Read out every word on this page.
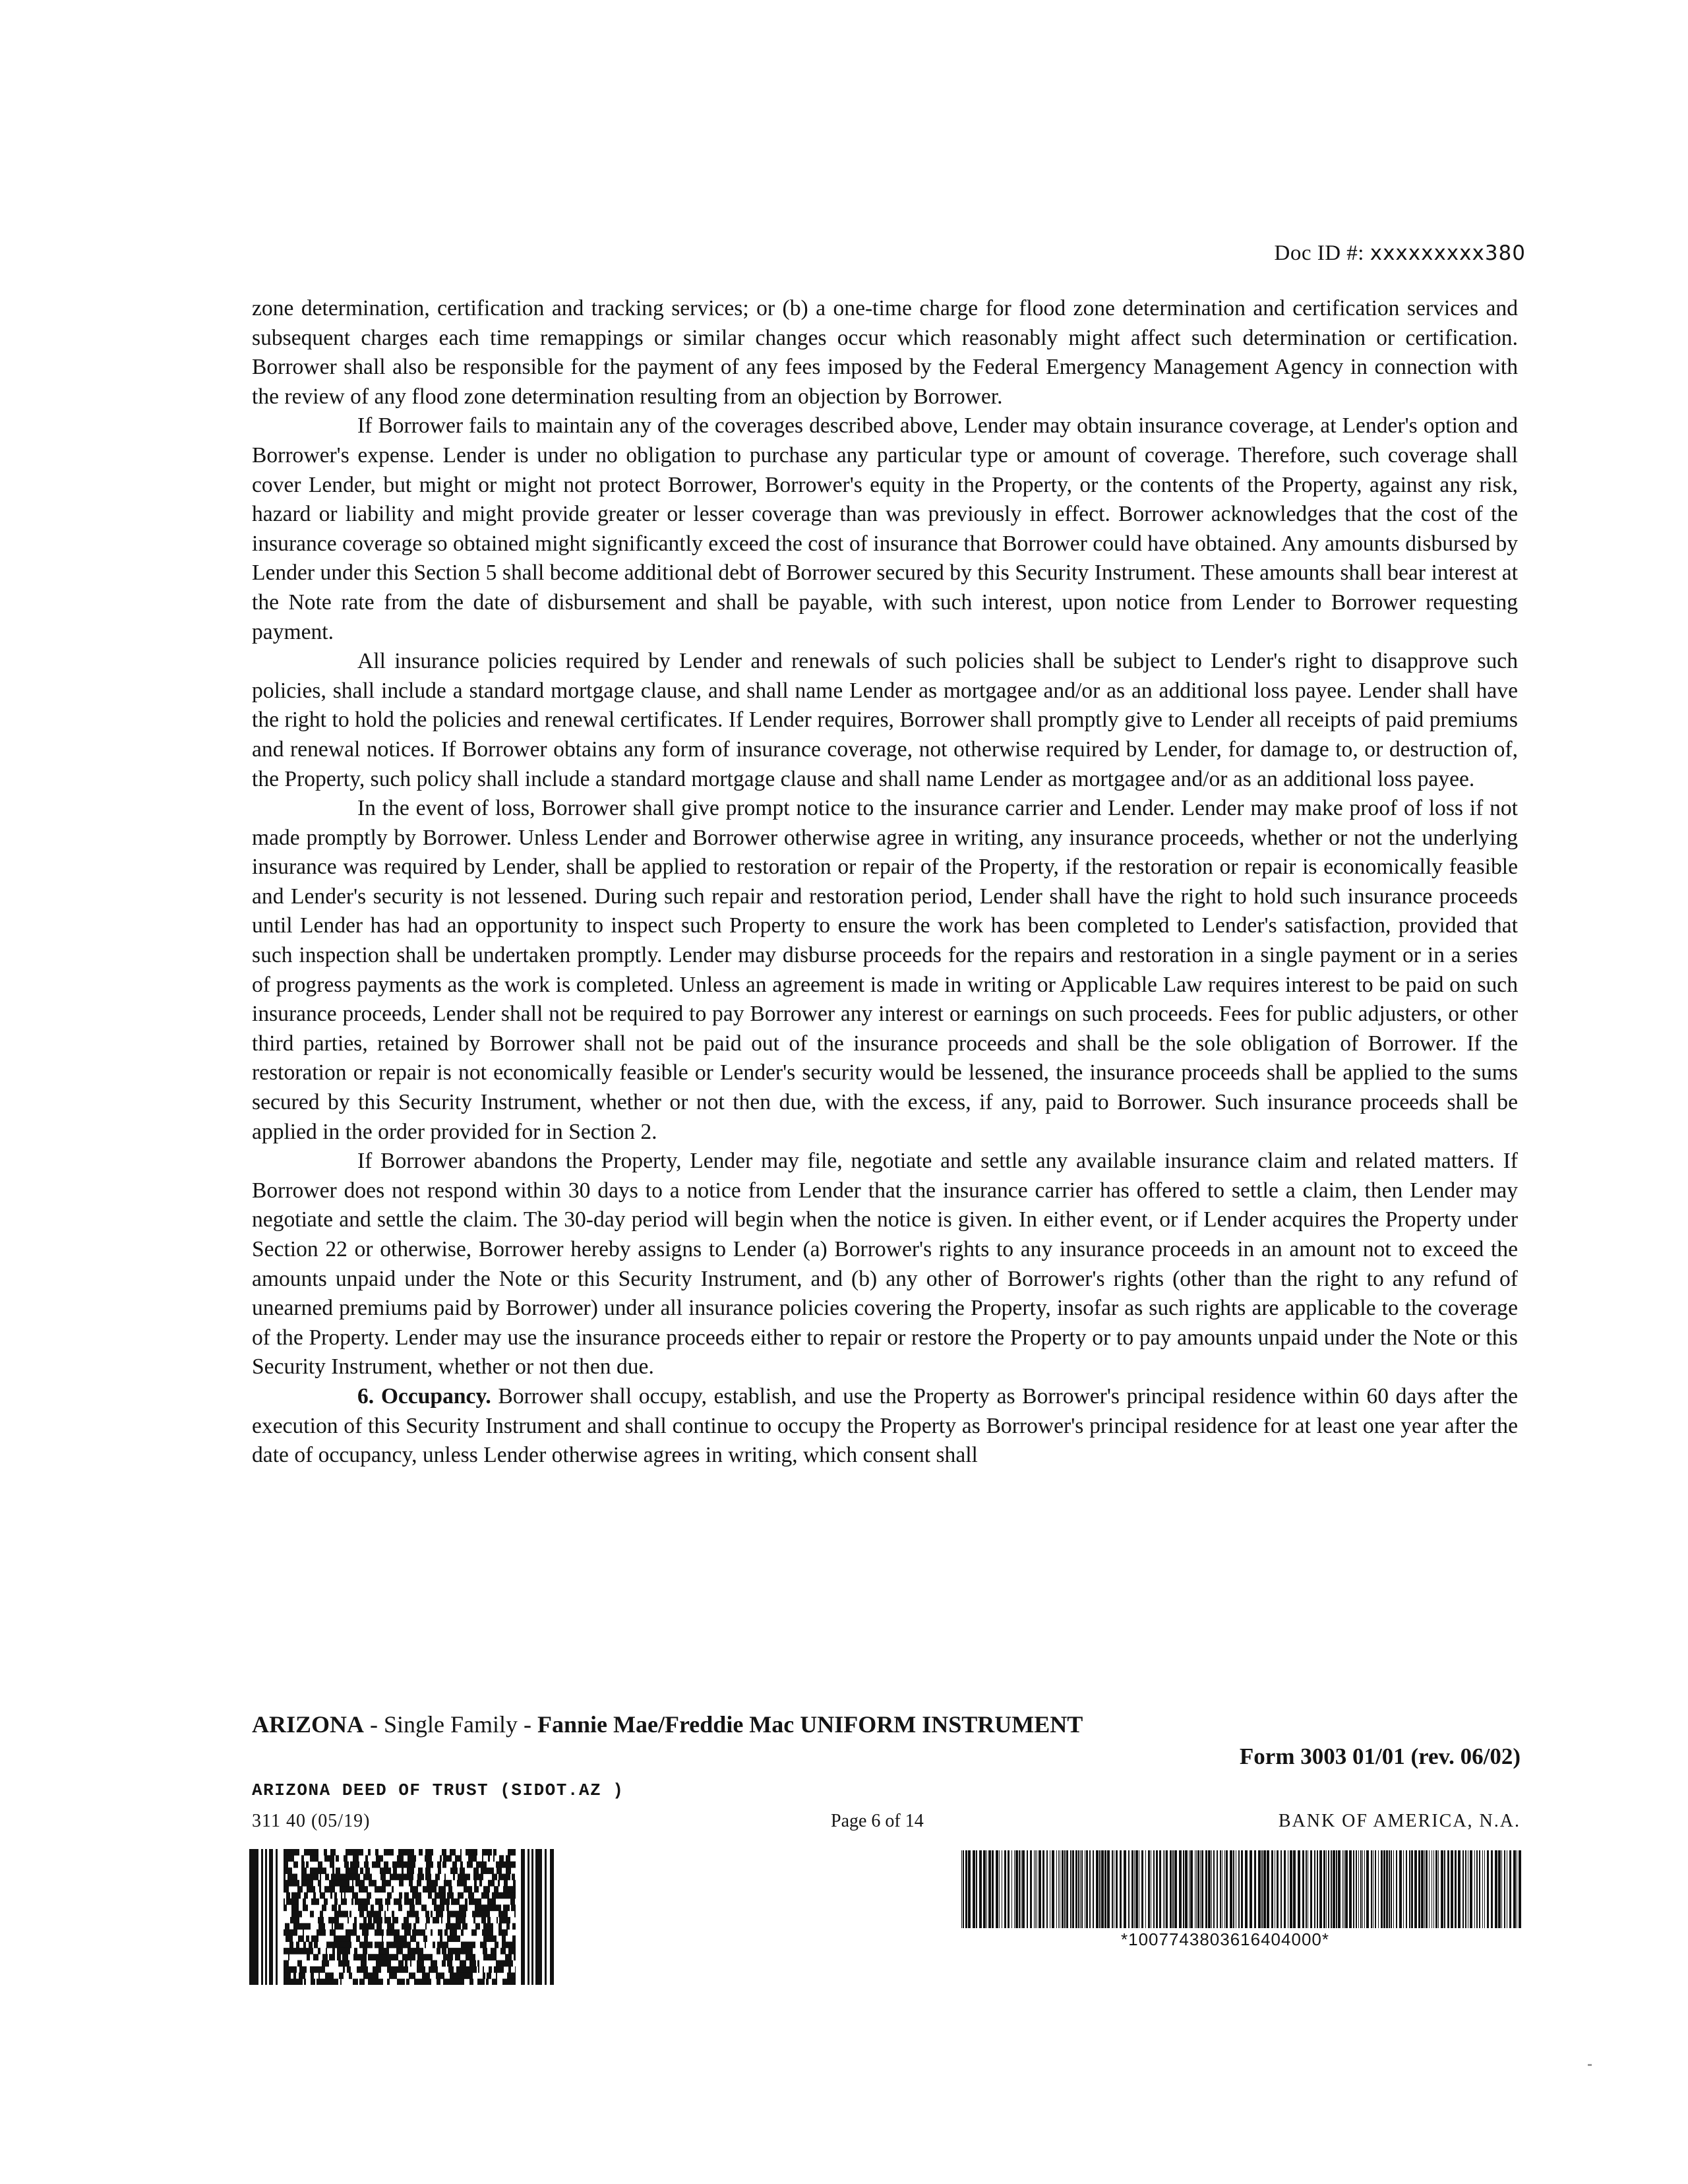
Doc ID #: xxxxxxxxx380

zone determination, certification and tracking services; or (b) a one-time charge for flood zone determination and certification services and subsequent charges each time remappings or similar changes occur which reasonably might affect such determination or certification. Borrower shall also be responsible for the payment of any fees imposed by the Federal Emergency Management Agency in connection with the review of any flood zone determination resulting from an objection by Borrower.

If Borrower fails to maintain any of the coverages described above, Lender may obtain insurance coverage, at Lender's option and Borrower's expense. Lender is under no obligation to purchase any particular type or amount of coverage. Therefore, such coverage shall cover Lender, but might or might not protect Borrower, Borrower's equity in the Property, or the contents of the Property, against any risk, hazard or liability and might provide greater or lesser coverage than was previously in effect. Borrower acknowledges that the cost of the insurance coverage so obtained might significantly exceed the cost of insurance that Borrower could have obtained. Any amounts disbursed by Lender under this Section 5 shall become additional debt of Borrower secured by this Security Instrument. These amounts shall bear interest at the Note rate from the date of disbursement and shall be payable, with such interest, upon notice from Lender to Borrower requesting payment.

All insurance policies required by Lender and renewals of such policies shall be subject to Lender's right to disapprove such policies, shall include a standard mortgage clause, and shall name Lender as mortgagee and/or as an additional loss payee. Lender shall have the right to hold the policies and renewal certificates. If Lender requires, Borrower shall promptly give to Lender all receipts of paid premiums and renewal notices. If Borrower obtains any form of insurance coverage, not otherwise required by Lender, for damage to, or destruction of, the Property, such policy shall include a standard mortgage clause and shall name Lender as mortgagee and/or as an additional loss payee.

In the event of loss, Borrower shall give prompt notice to the insurance carrier and Lender. Lender may make proof of loss if not made promptly by Borrower. Unless Lender and Borrower otherwise agree in writing, any insurance proceeds, whether or not the underlying insurance was required by Lender, shall be applied to restoration or repair of the Property, if the restoration or repair is economically feasible and Lender's security is not lessened. During such repair and restoration period, Lender shall have the right to hold such insurance proceeds until Lender has had an opportunity to inspect such Property to ensure the work has been completed to Lender's satisfaction, provided that such inspection shall be undertaken promptly. Lender may disburse proceeds for the repairs and restoration in a single payment or in a series of progress payments as the work is completed. Unless an agreement is made in writing or Applicable Law requires interest to be paid on such insurance proceeds, Lender shall not be required to pay Borrower any interest or earnings on such proceeds. Fees for public adjusters, or other third parties, retained by Borrower shall not be paid out of the insurance proceeds and shall be the sole obligation of Borrower. If the restoration or repair is not economically feasible or Lender's security would be lessened, the insurance proceeds shall be applied to the sums secured by this Security Instrument, whether or not then due, with the excess, if any, paid to Borrower. Such insurance proceeds shall be applied in the order provided for in Section 2.

If Borrower abandons the Property, Lender may file, negotiate and settle any available insurance claim and related matters. If Borrower does not respond within 30 days to a notice from Lender that the insurance carrier has offered to settle a claim, then Lender may negotiate and settle the claim. The 30-day period will begin when the notice is given. In either event, or if Lender acquires the Property under Section 22 or otherwise, Borrower hereby assigns to Lender (a) Borrower's rights to any insurance proceeds in an amount not to exceed the amounts unpaid under the Note or this Security Instrument, and (b) any other of Borrower's rights (other than the right to any refund of unearned premiums paid by Borrower) under all insurance policies covering the Property, insofar as such rights are applicable to the coverage of the Property. Lender may use the insurance proceeds either to repair or restore the Property or to pay amounts unpaid under the Note or this Security Instrument, whether or not then due.

6. Occupancy. Borrower shall occupy, establish, and use the Property as Borrower's principal residence within 60 days after the execution of this Security Instrument and shall continue to occupy the Property as Borrower's principal residence for at least one year after the date of occupancy, unless Lender otherwise agrees in writing, which consent shall

ARIZONA - Single Family - Fannie Mae/Freddie Mac UNIFORM INSTRUMENT
Form 3003 01/01 (rev. 06/02)
ARIZONA DEED OF TRUST (SIDOT.AZ )
311 40 (05/19)	Page 6 of 14	BANK OF AMERICA, N.A.
*1007743803616404000*
